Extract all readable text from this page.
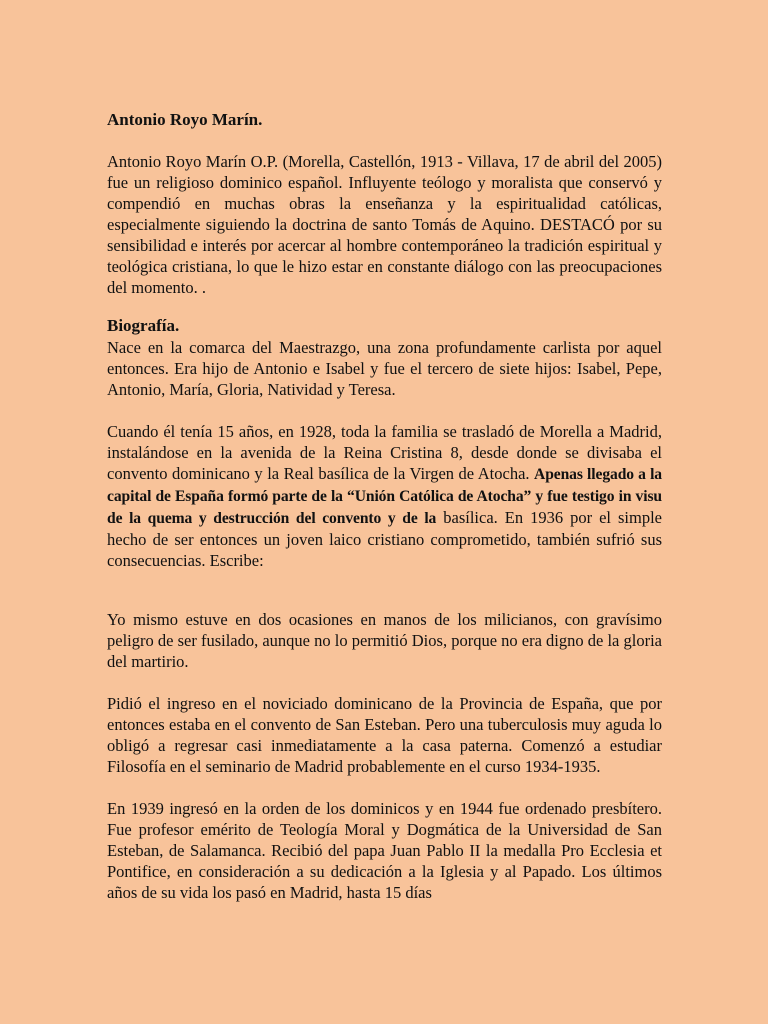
Antonio Royo Marín.

Antonio Royo Marín O.P. (Morella, Castellón, 1913 - Villava, 17 de abril del 2005) fue un religioso dominico español. Influyente teólogo y moralista que conservó y compendió en muchas obras la enseñanza y la espiritualidad católicas, especialmente siguiendo la doctrina de santo Tomás de Aquino. DESTACÓ por su sensibilidad e interés por acercar al hombre contemporáneo la tradición espiritual y teológica cristiana, lo que le hizo estar en constante diálogo con las preocupaciones del momento. .

Biografía.

Nace en la comarca del Maestrazgo, una zona profundamente carlista por aquel entonces. Era hijo de Antonio e Isabel y fue el tercero de siete hijos: Isabel, Pepe, Antonio, María, Gloria, Natividad y Teresa.

Cuando él tenía 15 años, en 1928, toda la familia se trasladó de Morella a Madrid, instalándose en la avenida de la Reina Cristina 8, desde donde se divisaba el convento dominicano y la Real basílica de la Virgen de Atocha. Apenas llegado a la capital de España formó parte de la “Unión Católica de Atocha” y fue testigo in visu de la quema y destrucción del convento y de la basílica. En 1936 por el simple hecho de ser entonces un joven laico cristiano comprometido, también sufrió sus consecuencias. Escribe:

Yo mismo estuve en dos ocasiones en manos de los milicianos, con gravísimo peligro de ser fusilado, aunque no lo permitió Dios, porque no era digno de la gloria del martirio.

Pidió el ingreso en el noviciado dominicano de la Provincia de España, que por entonces estaba en el convento de San Esteban. Pero una tuberculosis muy aguda lo obligó a regresar casi inmediatamente a la casa paterna. Comenzó a estudiar Filosofía en el seminario de Madrid probablemente en el curso 1934-1935.

En 1939 ingresó en la orden de los dominicos y en 1944 fue ordenado presbítero. Fue profesor emérito de Teología Moral y Dogmática de la Universidad de San Esteban, de Salamanca. Recibió del papa Juan Pablo II la medalla Pro Ecclesia et Pontifice, en consideración a su dedicación a la Iglesia y al Papado. Los últimos años de su vida los pasó en Madrid, hasta 15 días
